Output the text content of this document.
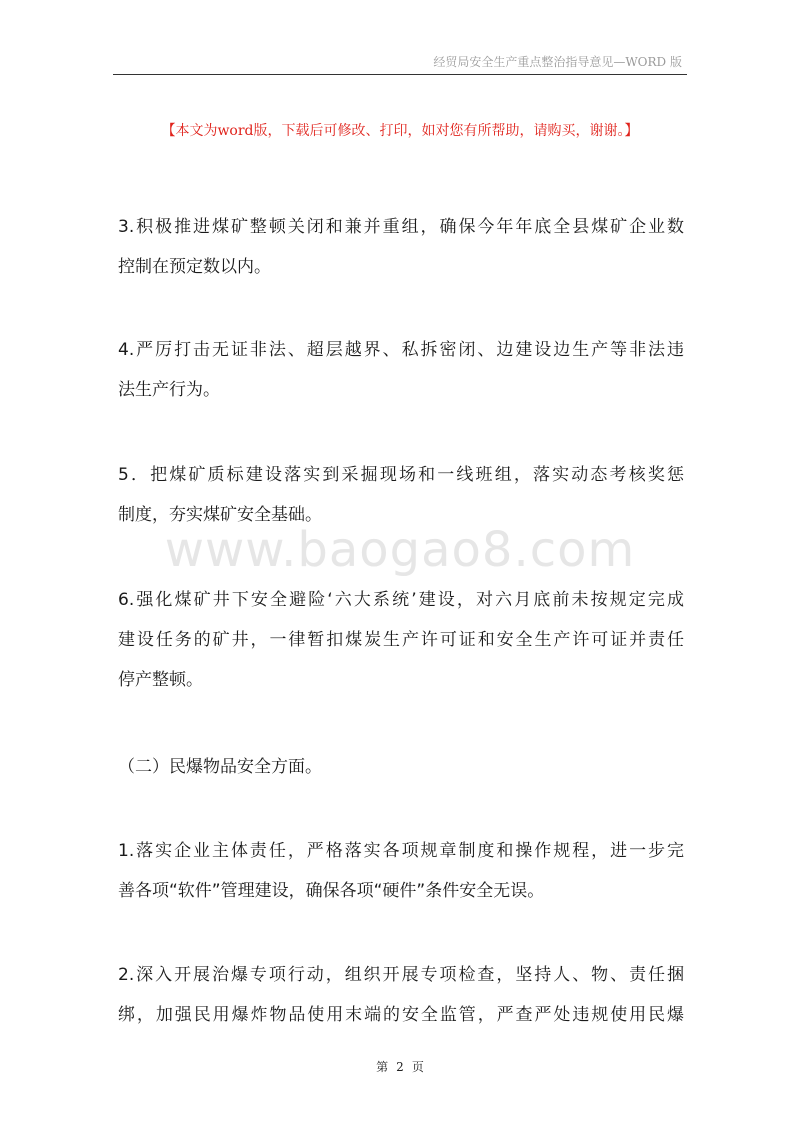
经贸局安全生产重点整治指导意见—WORD 版
【本文为word版，下载后可修改、打印，如对您有所帮助，请购买，谢谢。】
www.baogao8.com
3.积极推进煤矿整顿关闭和兼并重组，确保今年年底全县煤矿企业数
控制在预定数以内。
4.严厉打击无证非法、超层越界、私拆密闭、边建设边生产等非法违
法生产行为。
5．把煤矿质标建设落实到采掘现场和一线班组，落实动态考核奖惩
制度，夯实煤矿安全基础。
6.强化煤矿井下安全避险‘六大系统’建设，对六月底前未按规定完成
建设任务的矿井，一律暂扣煤炭生产许可证和安全生产许可证并责任
停产整顿。
（二）民爆物品安全方面。
1.落实企业主体责任，严格落实各项规章制度和操作规程，进一步完
善各项“软件”管理建设，确保各项“硬件”条件安全无误。
2.深入开展治爆专项行动，组织开展专项检查，坚持人、物、责任捆
绑，加强民用爆炸物品使用末端的安全监管，严查严处违规使用民爆
第 2 页
